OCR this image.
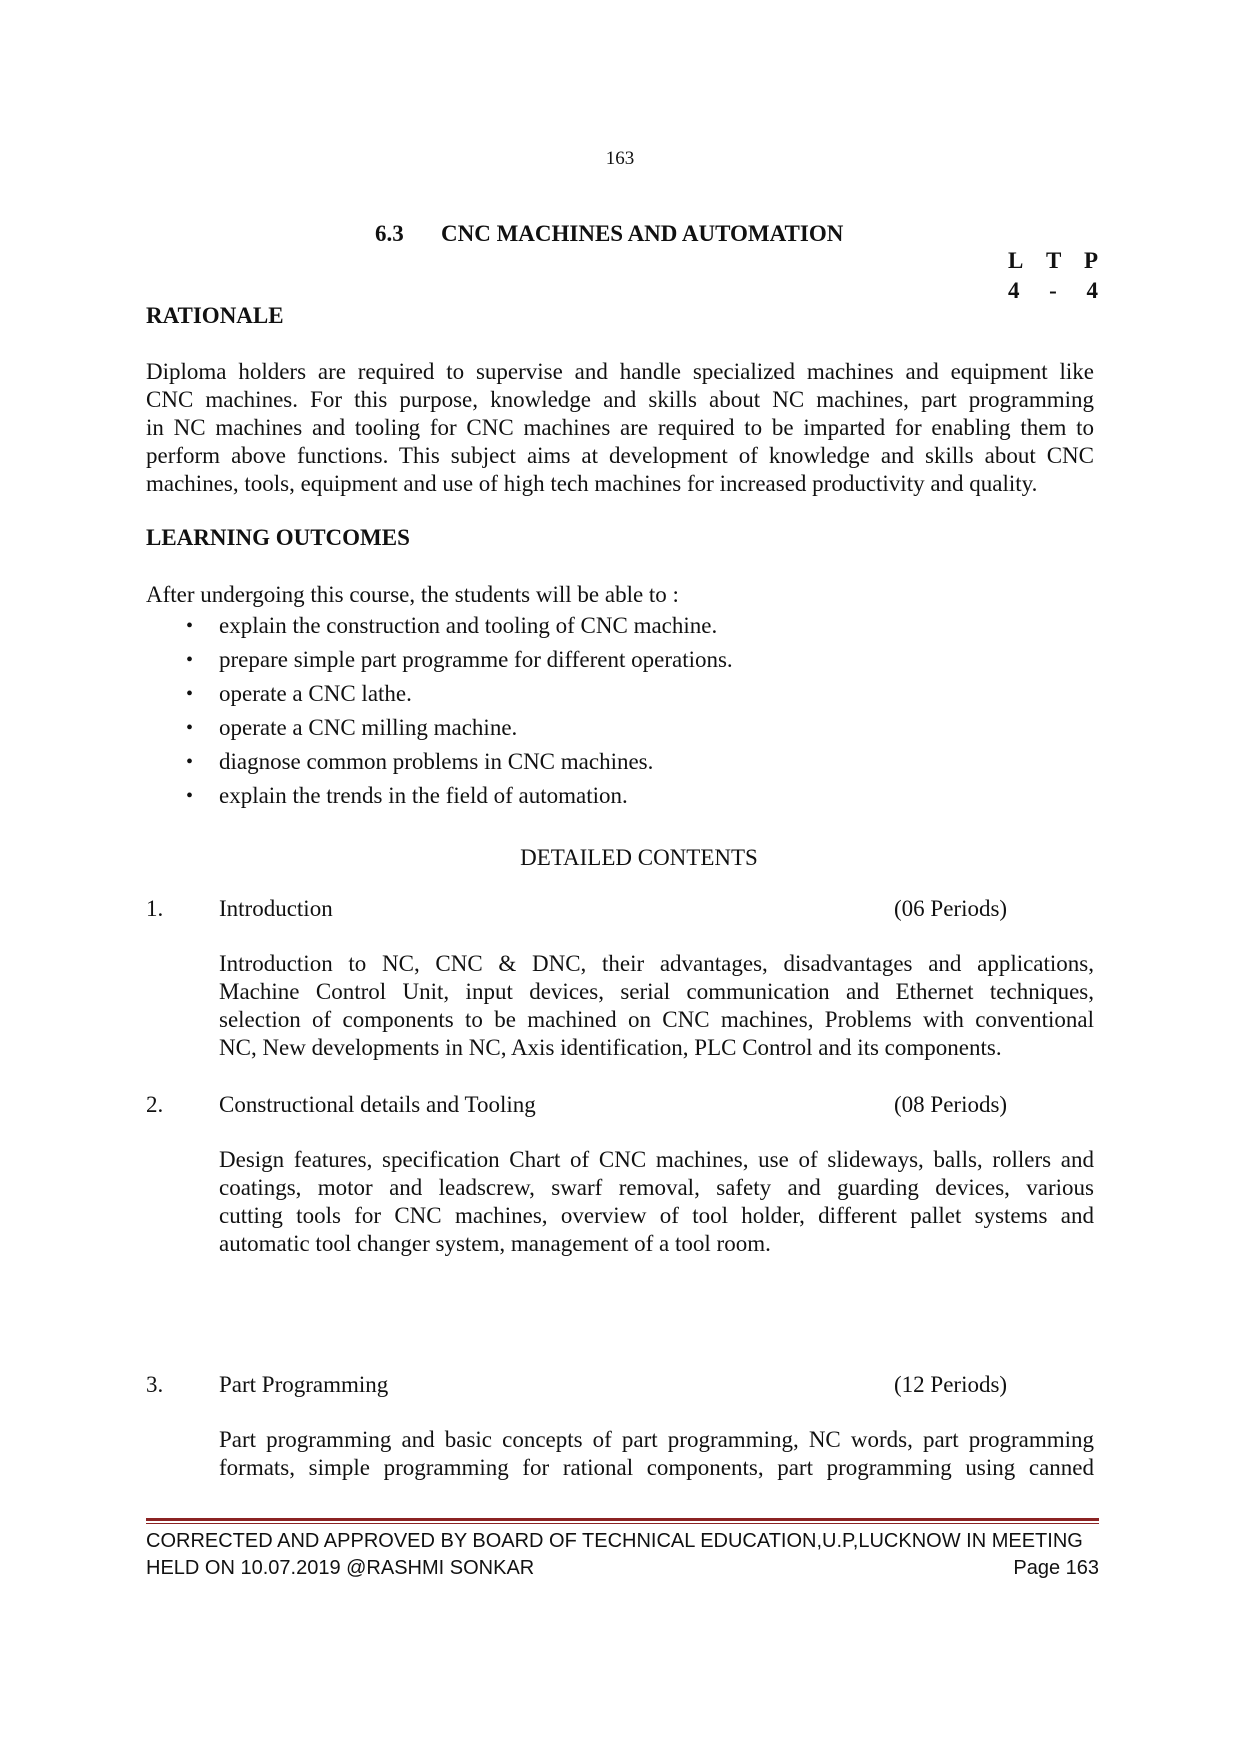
163
6.3 CNC MACHINES AND AUTOMATION
L T P
4 - 4
RATIONALE
Diploma holders are required to supervise and handle specialized machines and equipment like
CNC machines. For this purpose, knowledge and skills about NC machines, part programming
in NC machines and tooling for CNC machines are required to be imparted for enabling them to
perform above functions. This subject aims at development of knowledge and skills about CNC
machines, tools, equipment and use of high tech machines for increased productivity and quality.
LEARNING OUTCOMES
After undergoing this course, the students will be able to :
• explain the construction and tooling of CNC machine.
• prepare simple part programme for different operations.
• operate a CNC lathe.
• operate a CNC milling machine.
• diagnose common problems in CNC machines.
• explain the trends in the field of automation.
DETAILED CONTENTS
1. Introduction	(06 Periods)
Introduction to NC, CNC & DNC, their advantages, disadvantages and applications,
Machine Control Unit, input devices, serial communication and Ethernet techniques,
selection of components to be machined on CNC machines, Problems with conventional
NC, New developments in NC, Axis identification, PLC Control and its components.
2. Constructional details and Tooling	(08 Periods)
Design features, specification Chart of CNC machines, use of slideways, balls, rollers and
coatings, motor and leadscrew, swarf removal, safety and guarding devices, various
cutting tools for CNC machines, overview of tool holder, different pallet systems and
automatic tool changer system, management of a tool room.
3. Part Programming	(12 Periods)
Part programming and basic concepts of part programming, NC words, part programming
formats, simple programming for rational components, part programming using canned
CORRECTED AND APPROVED BY BOARD OF TECHNICAL EDUCATION,U.P,LUCKNOW IN MEETING
HELD ON 10.07.2019 @RASHMI SONKAR	Page 163
